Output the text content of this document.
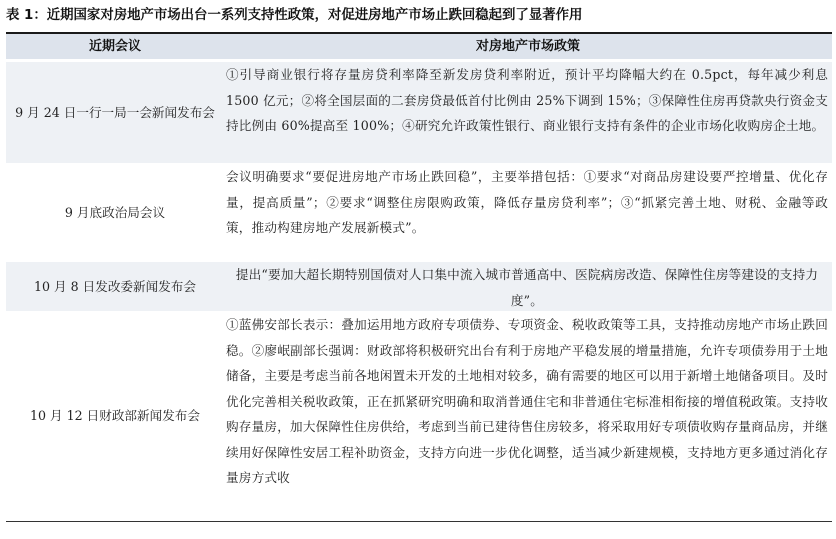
表 1：近期国家对房地产市场出台一系列支持性政策，对促进房地产市场止跌回稳起到了显著作用
近期会议	对房地产市场政策
9 月 24 日一行一局一会新闻发布会
①引导商业银行将存量房贷利率降至新发房贷利率附近，预计平均降幅大约在 0.5pct，每年减少利息 1500 亿元；②将全国层面的二套房贷最低首付比例由 25%下调到 15%；③保障性住房再贷款央行资金支持比例由 60%提高至 100%；④研究允许政策性银行、商业银行支持有条件的企业市场化收购房企土地。
9 月底政治局会议
会议明确要求“要促进房地产市场止跌回稳”，主要举措包括：①要求“对商品房建设要严控增量、优化存量，提高质量”；②要求“调整住房限购政策，降低存量房贷利率”；③“抓紧完善土地、财税、金融等政策，推动构建房地产发展新模式”。
10 月 8 日发改委新闻发布会
提出“要加大超长期特别国债对人口集中流入城市普通高中、医院病房改造、保障性住房等建设的支持力度”。
10 月 12 日财政部新闻发布会
①蓝佛安部长表示：叠加运用地方政府专项债券、专项资金、税收政策等工具，支持推动房地产市场止跌回稳。②廖岷副部长强调：财政部将积极研究出台有利于房地产平稳发展的增量措施，允许专项债券用于土地储备，主要是考虑当前各地闲置未开发的土地相对较多，确有需要的地区可以用于新增土地储备项目。及时优化完善相关税收政策，正在抓紧研究明确和取消普通住宅和非普通住宅标准相衔接的增值税政策。支持收购存量房，加大保障性住房供给，考虑到当前已建待售住房较多，将采取用好专项债收购存量商品房，并继续用好保障性安居工程补助资金，支持方向进一步优化调整，适当减少新建规模，支持地方更多通过消化存量房方式收
